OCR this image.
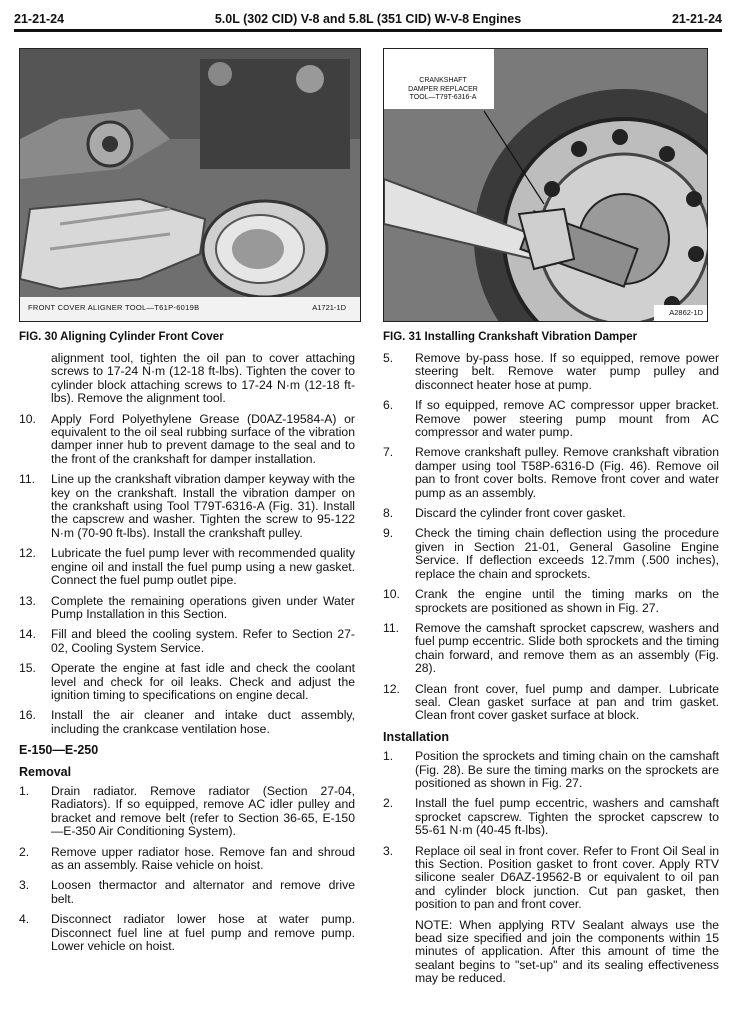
21-21-24	5.0L (302 CID) V-8 and 5.8L (351 CID) W-V-8 Engines	21-21-24
FRONT COVER ALIGNER TOOL—T61P-6019B	A1721-1D
FIG. 30 Aligning Cylinder Front Cover
CRANKSHAFT
DAMPER REPLACER
TOOL—T79T-6316-A
A2862-1D
FIG. 31 Installing Crankshaft Vibration Damper
alignment tool, tighten the oil pan to cover attaching screws to 17-24 N·m (12-18 ft-lbs). Tighten the cover to cylinder block attaching screws to 17-24 N·m (12-18 ft-lbs). Remove the alignment tool.
10. Apply Ford Polyethylene Grease (D0AZ-19584-A) or equivalent to the oil seal rubbing surface of the vibration damper inner hub to prevent damage to the seal and to the front of the crankshaft for damper installation.
11. Line up the crankshaft vibration damper keyway with the key on the crankshaft. Install the vibration damper on the crankshaft using Tool T79T-6316-A (Fig. 31). Install the capscrew and washer. Tighten the screw to 95-122 N·m (70-90 ft-lbs). Install the crankshaft pulley.
12. Lubricate the fuel pump lever with recommended quality engine oil and install the fuel pump using a new gasket. Connect the fuel pump outlet pipe.
13. Complete the remaining operations given under Water Pump Installation in this Section.
14. Fill and bleed the cooling system. Refer to Section 27-02, Cooling System Service.
15. Operate the engine at fast idle and check the coolant level and check for oil leaks. Check and adjust the ignition timing to specifications on engine decal.
16. Install the air cleaner and intake duct assembly, including the crankcase ventilation hose.
E-150—E-250
Removal
1. Drain radiator. Remove radiator (Section 27-04, Radiators). If so equipped, remove AC idler pulley and bracket and remove belt (refer to Section 36-65, E-150—E-350 Air Conditioning System).
2. Remove upper radiator hose. Remove fan and shroud as an assembly. Raise vehicle on hoist.
3. Loosen thermactor and alternator and remove drive belt.
4. Disconnect radiator lower hose at water pump. Disconnect fuel line at fuel pump and remove pump. Lower vehicle on hoist.
5. Remove by-pass hose. If so equipped, remove power steering belt. Remove water pump pulley and disconnect heater hose at pump.
6. If so equipped, remove AC compressor upper bracket. Remove power steering pump mount from AC compressor and water pump.
7. Remove crankshaft pulley. Remove crankshaft vibration damper using tool T58P-6316-D (Fig. 46). Remove oil pan to front cover bolts. Remove front cover and water pump as an assembly.
8. Discard the cylinder front cover gasket.
9. Check the timing chain deflection using the procedure given in Section 21-01, General Gasoline Engine Service. If deflection exceeds 12.7mm (.500 inches), replace the chain and sprockets.
10. Crank the engine until the timing marks on the sprockets are positioned as shown in Fig. 27.
11. Remove the camshaft sprocket capscrew, washers and fuel pump eccentric. Slide both sprockets and the timing chain forward, and remove them as an assembly (Fig. 28).
12. Clean front cover, fuel pump and damper. Lubricate seal. Clean gasket surface at pan and trim gasket. Clean front cover gasket surface at block.
Installation
1. Position the sprockets and timing chain on the camshaft (Fig. 28). Be sure the timing marks on the sprockets are positioned as shown in Fig. 27.
2. Install the fuel pump eccentric, washers and camshaft sprocket capscrew. Tighten the sprocket capscrew to 55-61 N·m (40-45 ft-lbs).
3. Replace oil seal in front cover. Refer to Front Oil Seal in this Section. Position gasket to front cover. Apply RTV silicone sealer D6AZ-19562-B or equivalent to oil pan and cylinder block junction. Cut pan gasket, then position to pan and front cover.
NOTE: When applying RTV Sealant always use the bead size specified and join the components within 15 minutes of application. After this amount of time the sealant begins to "set-up" and its sealing effectiveness may be reduced.
